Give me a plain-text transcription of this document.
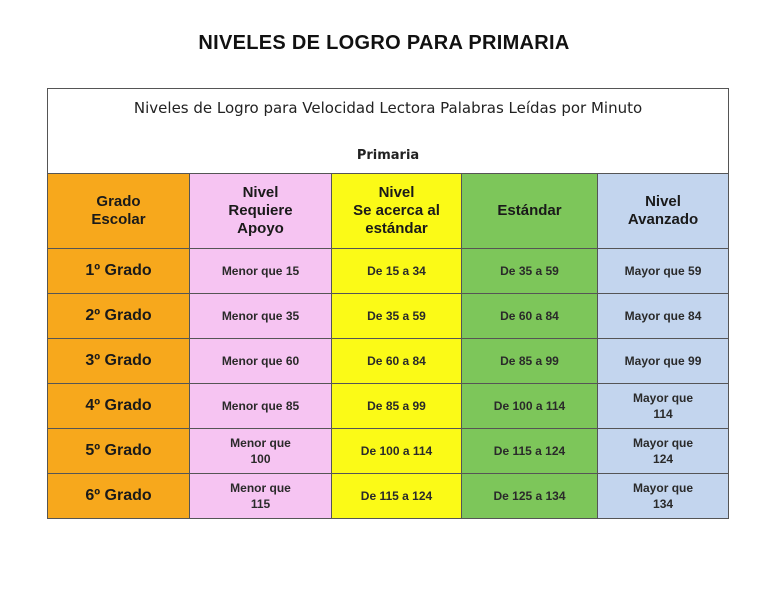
NIVELES DE LOGRO PARA PRIMARIA
Niveles de Logro para Velocidad Lectora Palabras Leídas por Minuto
Primaria				

Grado
Escolar	Nivel
Requiere
Apoyo	Nivel
Se acerca al
estándar	Estándar	Nivel
Avanzado

1º Grado	Menor que 15	De 15 a 34	De 35 a 59	Mayor que 59

2º Grado	Menor que 35	De 35 a 59	De 60 a 84	Mayor que 84

3º Grado	Menor que 60	De 60 a 84	De 85 a 99	Mayor que 99

4º Grado	Menor que 85	De 85 a 99	De 100 a 114	Mayor que
114

5º Grado	Menor que
100	De 100 a 114	De 115 a 124	Mayor que
124

6º Grado	Menor que
115	De 115 a 124	De 125 a 134	Mayor que
134
